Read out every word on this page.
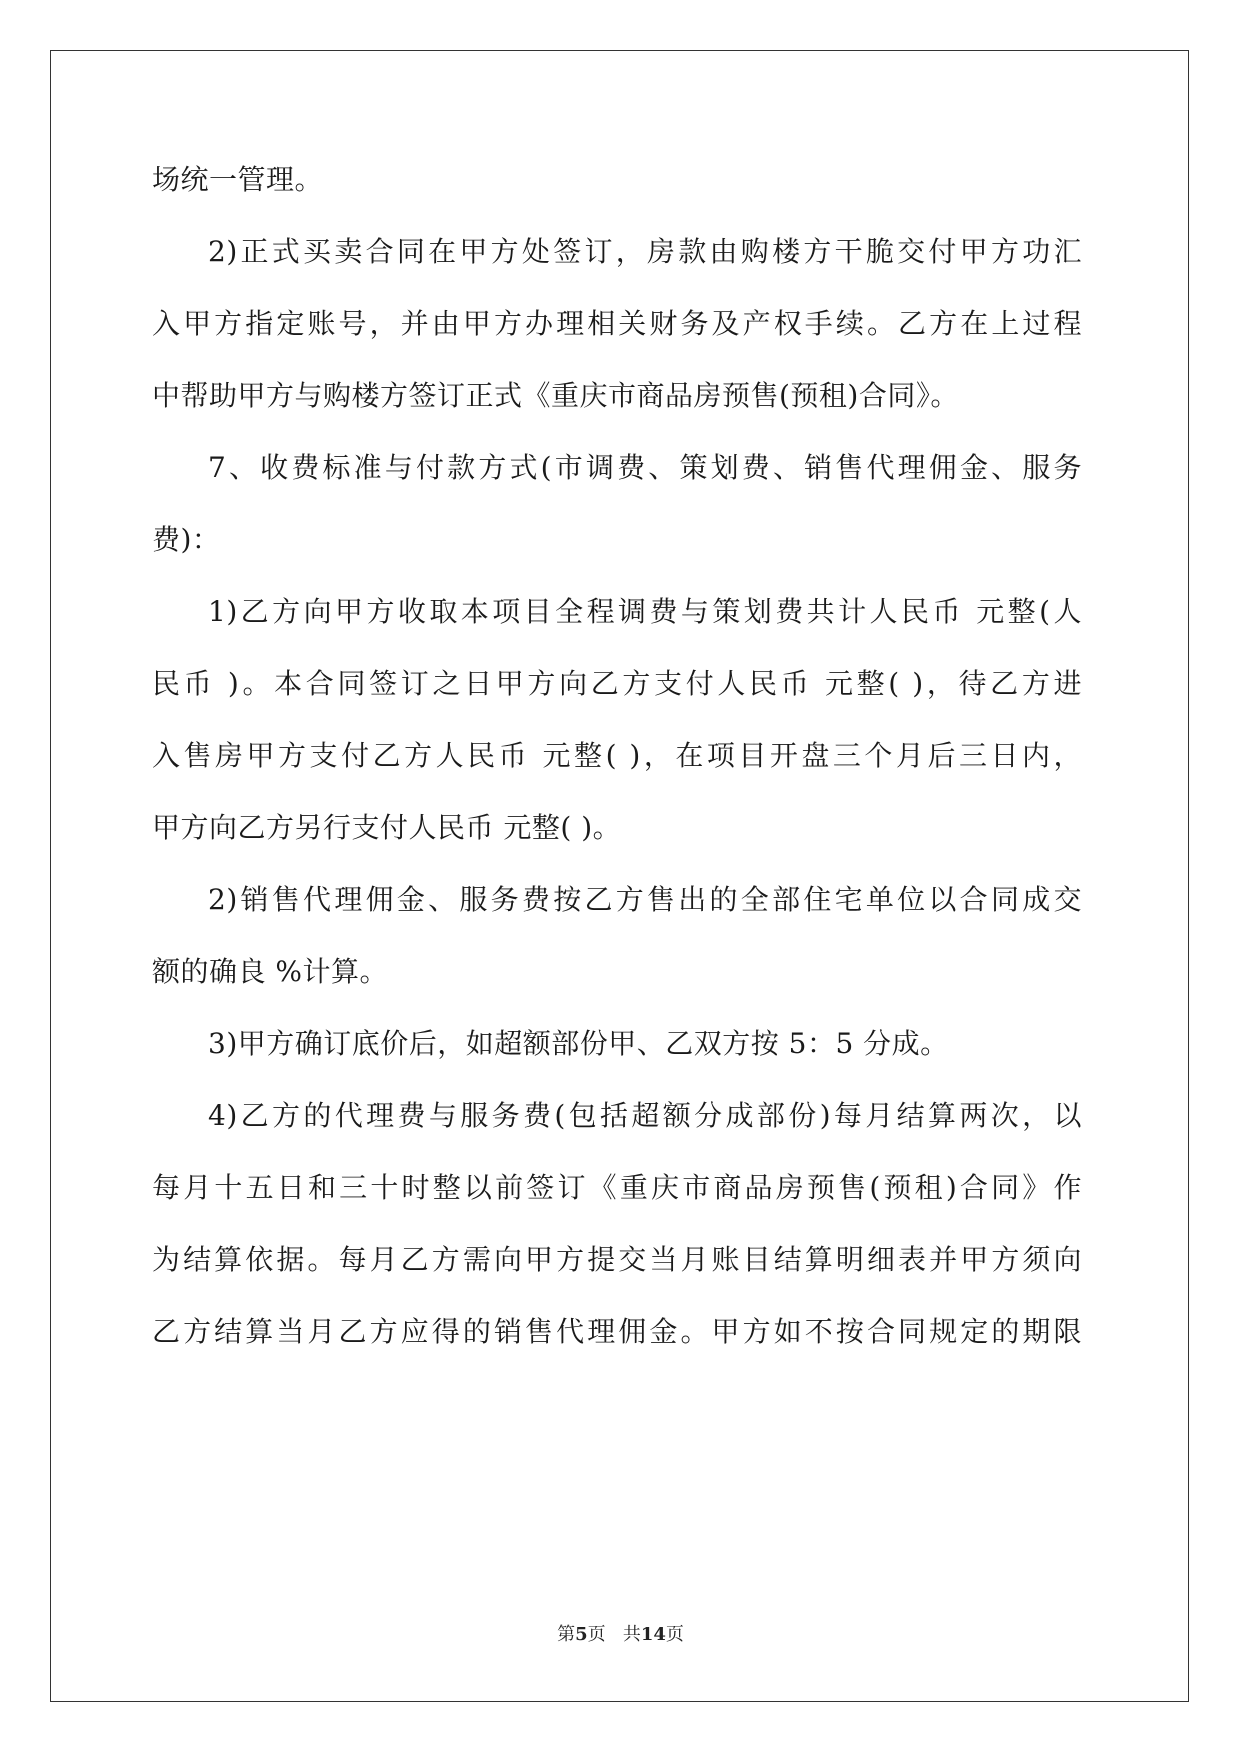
场统一管理。
2)正式买卖合同在甲方处签订，房款由购楼方干脆交付甲方功汇
入甲方指定账号，并由甲方办理相关财务及产权手续。乙方在上过程
中帮助甲方与购楼方签订正式《重庆市商品房预售(预租)合同》。
7、收费标准与付款方式(市调费、策划费、销售代理佣金、服务
费)：
1)乙方向甲方收取本项目全程调费与策划费共计人民币 元整(人
民币 )。本合同签订之日甲方向乙方支付人民币 元整( )，待乙方进
入售房甲方支付乙方人民币 元整( )，在项目开盘三个月后三日内，
甲方向乙方另行支付人民币 元整( )。
2)销售代理佣金、服务费按乙方售出的全部住宅单位以合同成交
额的确良 %计算。
3)甲方确订底价后，如超额部份甲、乙双方按 5：5 分成。
4)乙方的代理费与服务费(包括超额分成部份)每月结算两次，以
每月十五日和三十时整以前签订《重庆市商品房预售(预租)合同》作
为结算依据。每月乙方需向甲方提交当月账目结算明细表并甲方须向
乙方结算当月乙方应得的销售代理佣金。甲方如不按合同规定的期限
第5页 共14页
